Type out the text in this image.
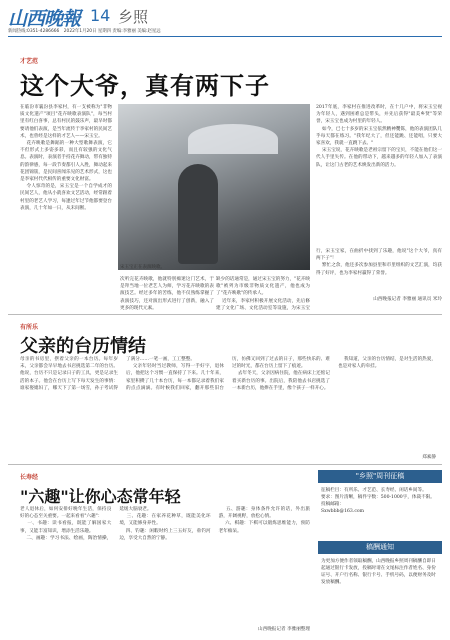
山西晚報 14 乡照
新闻热线:0351-4286666　2022年1月20日 星期四 责编:李雅丽 美编:赵星远
才艺范
这个大爷，真有两下子
宋玉宝正在表演映歌。
在临汾市襄汾县李家村，有一支被称为"非物质文化遗产"项目"花卉映歌表演队"，每当村里有红白喜事，总有村民的鼓乐声，最早时都要请他们表演，是当年流传于李家村的民间艺术，也曾经是这样的才艺人——宋玉宝。
花卉映歌是舞蹈的一种大型歌舞表演，它不但形式上多姿多彩，而且有较强的文化气息。表演时，表演者手持花卉舞动，带有独特的韵律感，每一段节奏都引人入胜，舞动起来花团锦簇，是民间喜闻乐见的艺术形式，这也是李家村代代相传的重要文化财富。
令人惊奇的是，宋玉宝是一个自学成才的民间艺人，他从小就喜欢文艺活动，经常跟着村里的老艺人学习，每逢过年过节他都要登台表演，几十年如一日，从未间断。
次听完花卉映歌，他就特别痴迷这门艺术，于是拜当地一位老艺人为师，学习花卉映歌的表演技艺。经过多年的苦练，他不仅熟练掌握了表演技巧，还对演出形式进行了创新，融入了更多的现代元素。

缺少的话通常是，通过宋玉宝的努力，"花卉映歌"被列为市级非物质文化遗产，他也成为了"花卉映歌"的传承人。
近年来，李家村积极开展文化活动，先后修建了文化广场、文化活动室等设施，为宋玉宝
2017年底，李家村在推进改革时，在十几户中，将宋玉宝视为年轻人，遇到困难总是带头，并先后获得"最美乡贤"等荣誉，宋玉宝也成为村里的年轻人。
如今，已七十多岁的宋玉宝依然精神矍铄，他的表演团队几乎每天都在练习。"我年纪大了，但还能跳、还能唱，只要大家喜欢，我就一直跳下去。"
宋玉宝说，花卉映歌是老祖宗留下的宝贝，不能在他们这一代人手里失传。在他的带动下，越来越多的年轻人加入了表演队，让这门古老的艺术焕发出新的活力。
行，宋玉宝家，在曲折中找到了乐趣，他说"这个大爷，真有两下子"！
繁忙之余，他还多次参加县里和市里组织的文艺汇演，均获得了好评，也为李家村赢得了荣誉。
山西晚报记者 李雅丽 通讯员 米玲
有所乐
父亲的台历情结
母亲的书房里，摆着父亲的一本台历。每年岁末，父亲都会早早地去书店挑选第二年的台历。他说，台历不只是记录日子的工具，更是记录生活的本子。他会在台历上写下每天发生的事情：谁家娶媳妇了，哪天下了第一场雪，孙子考试得了满分……一笔一画，工工整整。
父亲年轻时当过教师，写得一手好字，退休后，他把这个习惯一直保持了下来。几十年来，家里积攒了几十本台历，每一本都记录着我们家的点点滴滴。有时候我们回家，翻开那些旧台历，仿佛又回到了过去的日子，那些快乐的、难过的时光，都在台历上留下了痕迹。
去年冬天，父亲因病住院，他在病床上还惦记着买新台历的事。出院后，我陪他去书店挑选了一本新台历，他捧在手里，像个孩子一样开心。
我知道，父亲的台历情结，是对生活的热爱，也是对家人的牵挂。
郑素静
长寿经
"六趣"让你心态常年轻
老人退休后，如何安排好晚年生活，保持良好的心态至关重要。一起来看看"六趣"：
一、书趣：读书看报，既能了解国家大事，又能丰富知识，增添生活乐趣。
二、画趣：学习书法、绘画，陶冶情操，延缓大脑衰老。
三、花趣：在家养花种草，既能美化环境，又能修身养性。
四、钓趣：闲暇时约上三五好友，垂钓河边，享受大自然的宁静。
五、游趣：身体条件允许的话，外出旅游，开阔视野，放松心情。
六、棋趣：下棋可以锻炼思维能力，预防老年痴呆。
山西晚报记者 李雅丽整理
"乡照"周刊征稿
征稿栏目：有所乐、才艺范、长寿经、闲话乡间等。
要求：图片清晰，稿件字数：500-1000字，体裁不限。
投稿邮箱：
Sxwbbb@163.com
稿酬通知
为更加方便作者领取稿酬，山西晚报乡照周刊稿酬自即日起通过银行卡发放，投稿时请在文尾标注作者姓名、身份证号、开户行名称、银行卡号、手机号码，以便财务及时发放稿酬。
